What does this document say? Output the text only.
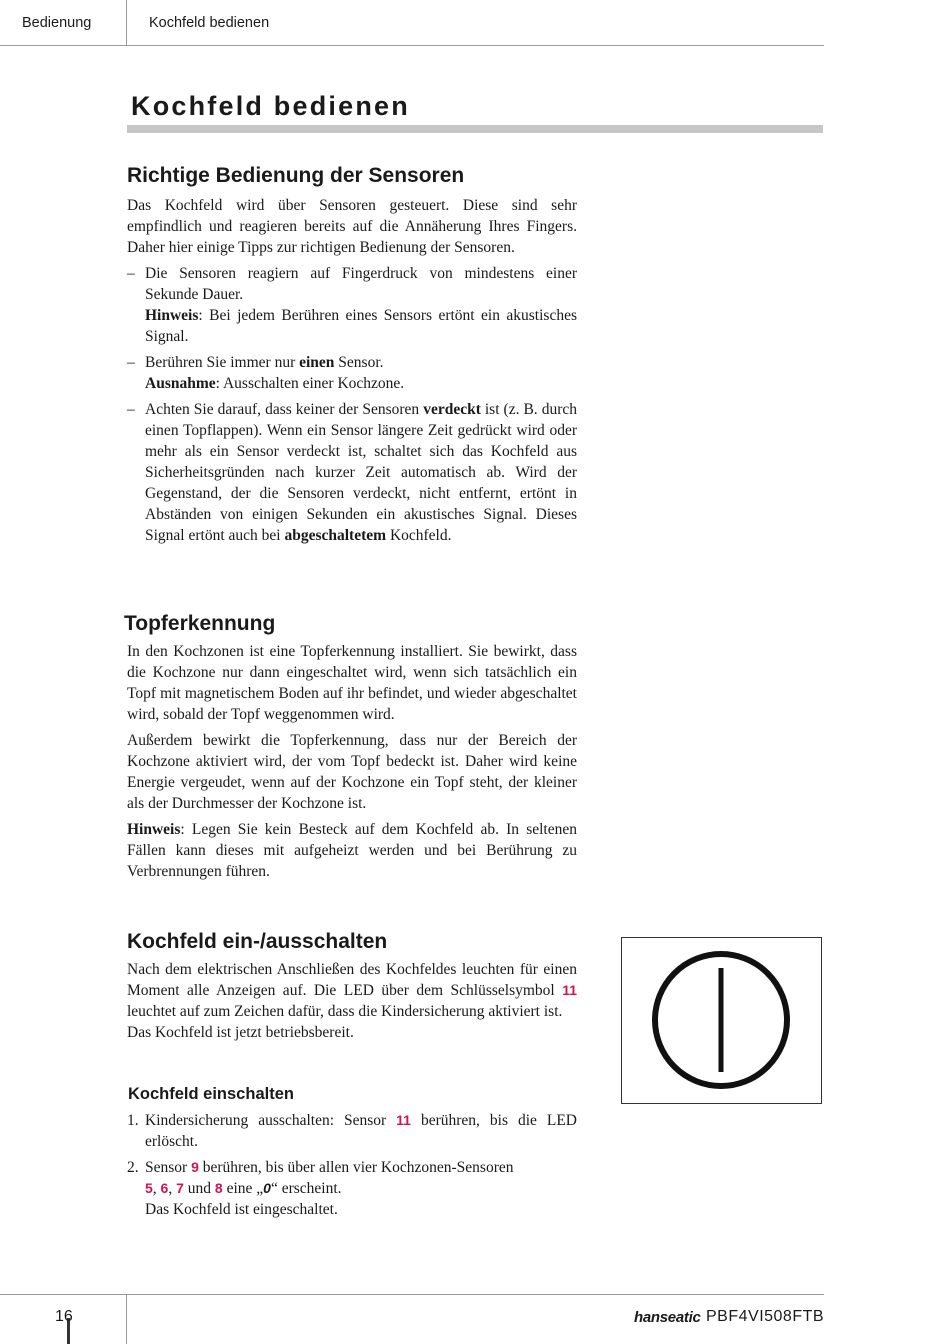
Bedienung	Kochfeld bedienen
Kochfeld bedienen
Richtige Bedienung der Sensoren

Das Kochfeld wird über Sensoren gesteuert. Diese sind sehr empfindlich und reagieren bereits auf die Annäherung Ihres Fingers. Daher hier einige Tipps zur richtigen Bedienung der Sensoren.

– Die Sensoren reagiern auf Fingerdruck von mindestens einer Sekunde Dauer.
Hinweis: Bei jedem Berühren eines Sensors ertönt ein akustisches Signal.
– Berühren Sie immer nur einen Sensor.
Ausnahme: Ausschalten einer Kochzone.
– Achten Sie darauf, dass keiner der Sensoren verdeckt ist (z. B. durch einen Topflappen). Wenn ein Sensor längere Zeit gedrückt wird oder mehr als ein Sensor verdeckt ist, schaltet sich das Kochfeld aus Sicherheitsgründen nach kurzer Zeit automatisch ab. Wird der Gegenstand, der die Sensoren verdeckt, nicht entfernt, ertönt in Abständen von einigen Sekunden ein akustisches Signal. Dieses Signal ertönt auch bei abgeschaltetem Kochfeld.
Topferkennung

In den Kochzonen ist eine Topferkennung installiert. Sie bewirkt, dass die Kochzone nur dann eingeschaltet wird, wenn sich tatsächlich ein Topf mit magnetischem Boden auf ihr befindet, und wieder abgeschaltet wird, sobald der Topf weggenommen wird.

Außerdem bewirkt die Topferkennung, dass nur der Bereich der Kochzone aktiviert wird, der vom Topf bedeckt ist. Daher wird keine Energie vergeudet, wenn auf der Kochzone ein Topf steht, der kleiner als der Durchmesser der Kochzone ist.

Hinweis: Legen Sie kein Besteck auf dem Kochfeld ab. In seltenen Fällen kann dieses mit aufgeheizt werden und bei Berührung zu Verbrennungen führen.

Kochfeld ein-/ausschalten

Nach dem elektrischen Anschließen des Kochfeldes leuchten für einen Moment alle Anzeigen auf. Die LED über dem Schlüsselsymbol 11 leuchtet auf zum Zeichen dafür, dass die Kindersicherung aktiviert ist.

Das Kochfeld ist jetzt betriebsbereit.

Kochfeld einschalten
1. Kindersicherung ausschalten: Sensor 11 berühren, bis die LED erlöscht.
2. Sensor 9 berühren, bis über allen vier Kochzonen-Sensoren
5, 6, 7 und 8 eine „0“ erscheint.
Das Kochfeld ist eingeschaltet.
16	hanseatic PBF4VI508FTB
